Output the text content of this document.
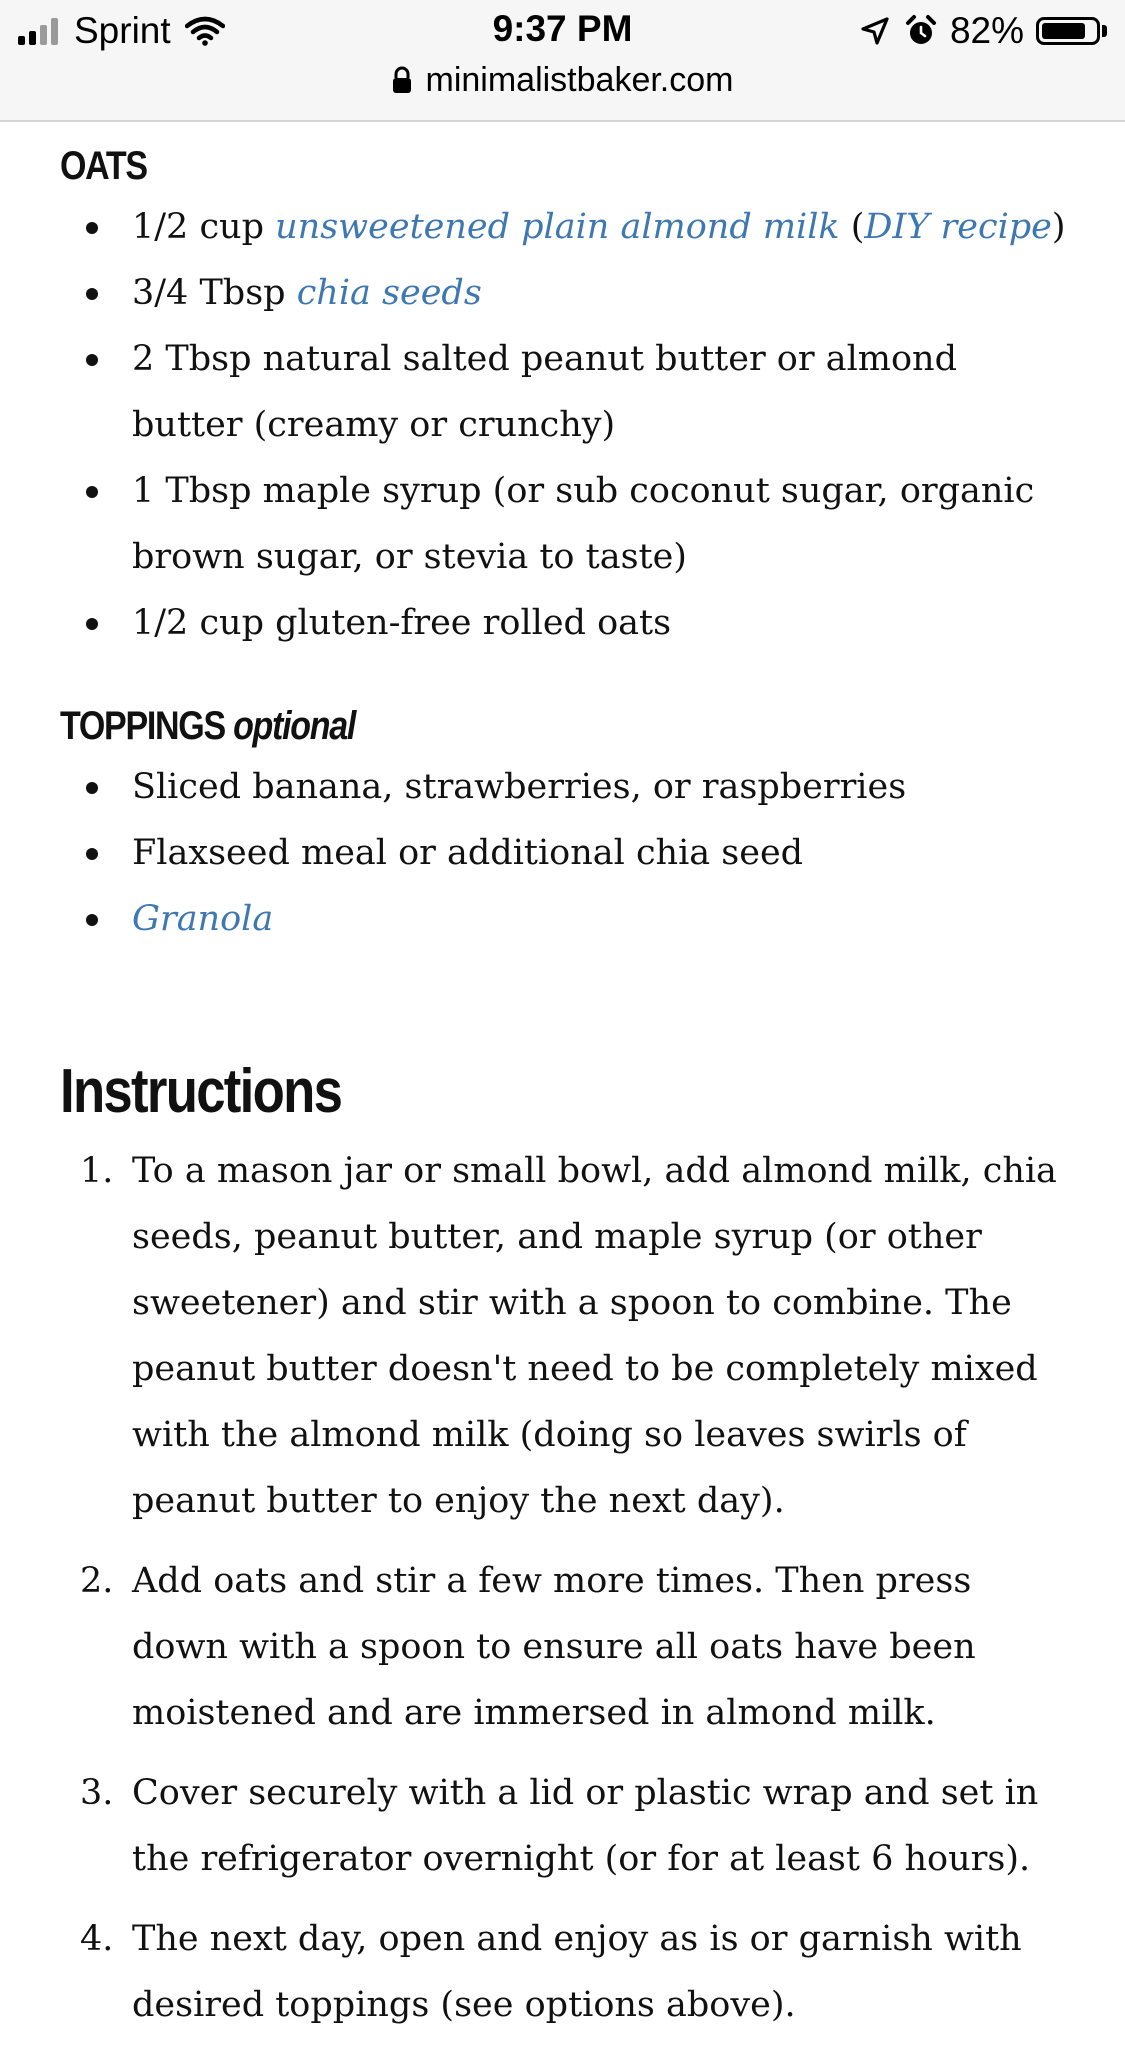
Sprint	9:37 PM	82%
minimalistbaker.com
OATS
1/2 cup unsweetened plain almond milk (DIY recipe)
3/4 Tbsp chia seeds
2 Tbsp natural salted peanut butter or almond butter (creamy or crunchy)
1 Tbsp maple syrup (or sub coconut sugar, organic brown sugar, or stevia to taste)
1/2 cup gluten-free rolled oats
TOPPINGS optional
Sliced banana, strawberries, or raspberries
Flaxseed meal or additional chia seed
Granola
Instructions
1. To a mason jar or small bowl, add almond milk, chia seeds, peanut butter, and maple syrup (or other sweetener) and stir with a spoon to combine. The peanut butter doesn't need to be completely mixed with the almond milk (doing so leaves swirls of peanut butter to enjoy the next day).
2. Add oats and stir a few more times. Then press down with a spoon to ensure all oats have been moistened and are immersed in almond milk.
3. Cover securely with a lid or plastic wrap and set in the refrigerator overnight (or for at least 6 hours).
4. The next day, open and enjoy as is or garnish with desired toppings (see options above).
